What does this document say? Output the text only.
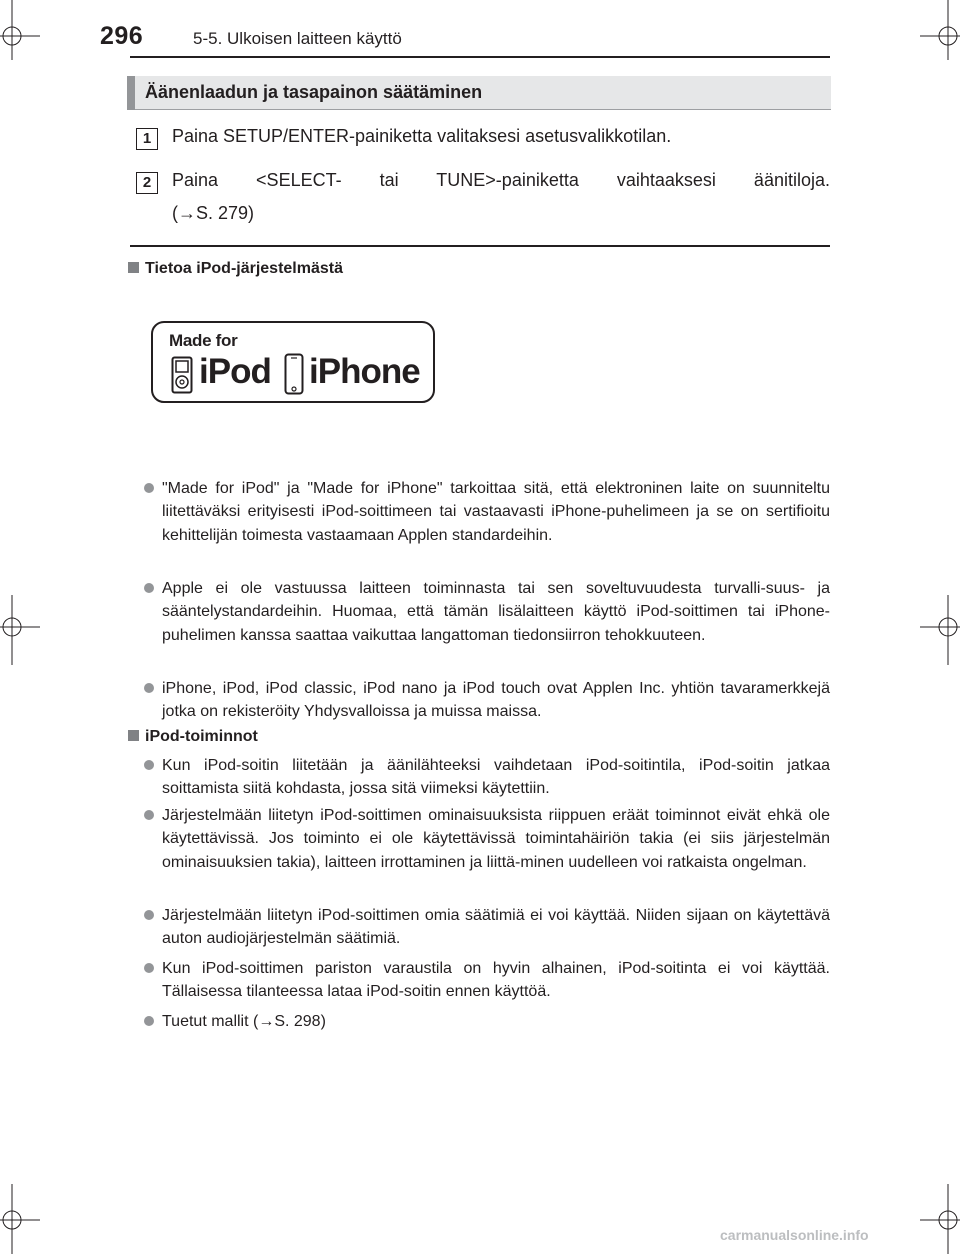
296	5-5. Ulkoisen laitteen käyttö
Äänenlaadun ja tasapainon säätäminen
1	Paina SETUP/ENTER-painiketta valitaksesi asetusvalikkotilan.
2	Paina <SELECT- tai TUNE>-painiketta vaihtaaksesi äänitiloja.
(→S. 279)
Tietoa iPod-järjestelmästä
Made for
iPod iPhone
"Made for iPod" ja "Made for iPhone" tarkoittaa sitä, että elektroninen laite on suunniteltu liitettäväksi erityisesti iPod-soittimeen tai vastaavasti iPhone-puhelimeen ja se on sertifioitu kehittelijän toimesta vastaamaan Applen standardeihin.
Apple ei ole vastuussa laitteen toiminnasta tai sen soveltuvuudesta turvalli-suus- ja sääntelystandardeihin. Huomaa, että tämän lisälaitteen käyttö iPod-soittimen tai iPhone-puhelimen kanssa saattaa vaikuttaa langattoman tiedonsiirron tehokkuuteen.
iPhone, iPod, iPod classic, iPod nano ja iPod touch ovat Applen Inc. yhtiön tavaramerkkejä jotka on rekisteröity Yhdysvalloissa ja muissa maissa.
iPod-toiminnot
Kun iPod-soitin liitetään ja äänilähteeksi vaihdetaan iPod-soitintila, iPod-soitin jatkaa soittamista siitä kohdasta, jossa sitä viimeksi käytettiin.
Järjestelmään liitetyn iPod-soittimen ominaisuuksista riippuen eräät toiminnot eivät ehkä ole käytettävissä. Jos toiminto ei ole käytettävissä toimintahäiriön takia (ei siis järjestelmän ominaisuuksien takia), laitteen irrottaminen ja liittä-minen uudelleen voi ratkaista ongelman.
Järjestelmään liitetyn iPod-soittimen omia säätimiä ei voi käyttää. Niiden sijaan on käytettävä auton audiojärjestelmän säätimiä.
Kun iPod-soittimen pariston varaustila on hyvin alhainen, iPod-soitinta ei voi käyttää. Tällaisessa tilanteessa lataa iPod-soitin ennen käyttöä.
Tuetut mallit (→S. 298)
carmanualsonline.info
